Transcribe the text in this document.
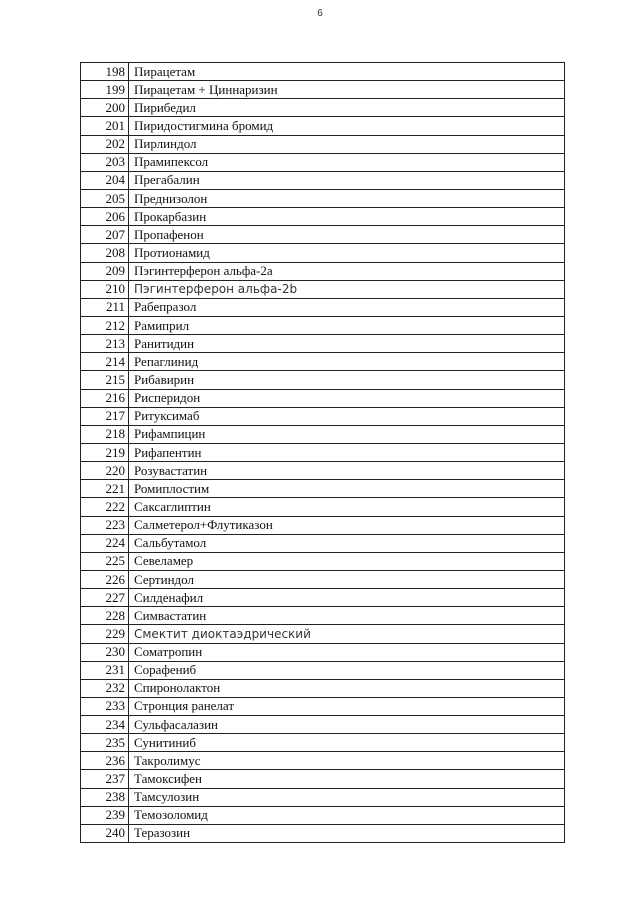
6
198	Пирацетам
199	Пирацетам + Циннаризин
200	Пирибедил
201	Пиридостигмина бромид
202	Пирлиндол
203	Прамипексол
204	Прегабалин
205	Преднизолон
206	Прокарбазин
207	Пропафенон
208	Протионамид
209	Пэгинтерферон альфа-2а
210	Пэгинтерферон альфа-2b
211	Рабепразол
212	Рамиприл
213	Ранитидин
214	Репаглинид
215	Рибавирин
216	Рисперидон
217	Ритуксимаб
218	Рифампицин
219	Рифапентин
220	Розувастатин
221	Ромиплостим
222	Саксаглиптин
223	Салметерол+Флутиказон
224	Сальбутамол
225	Севеламер
226	Сертиндол
227	Силденафил
228	Симвастатин
229	Смектит диоктаэдрический
230	Соматропин
231	Сорафениб
232	Спиронолактон
233	Стронция ранелат
234	Сульфасалазин
235	Сунитиниб
236	Такролимус
237	Тамоксифен
238	Тамсулозин
239	Темозоломид
240	Теразозин
